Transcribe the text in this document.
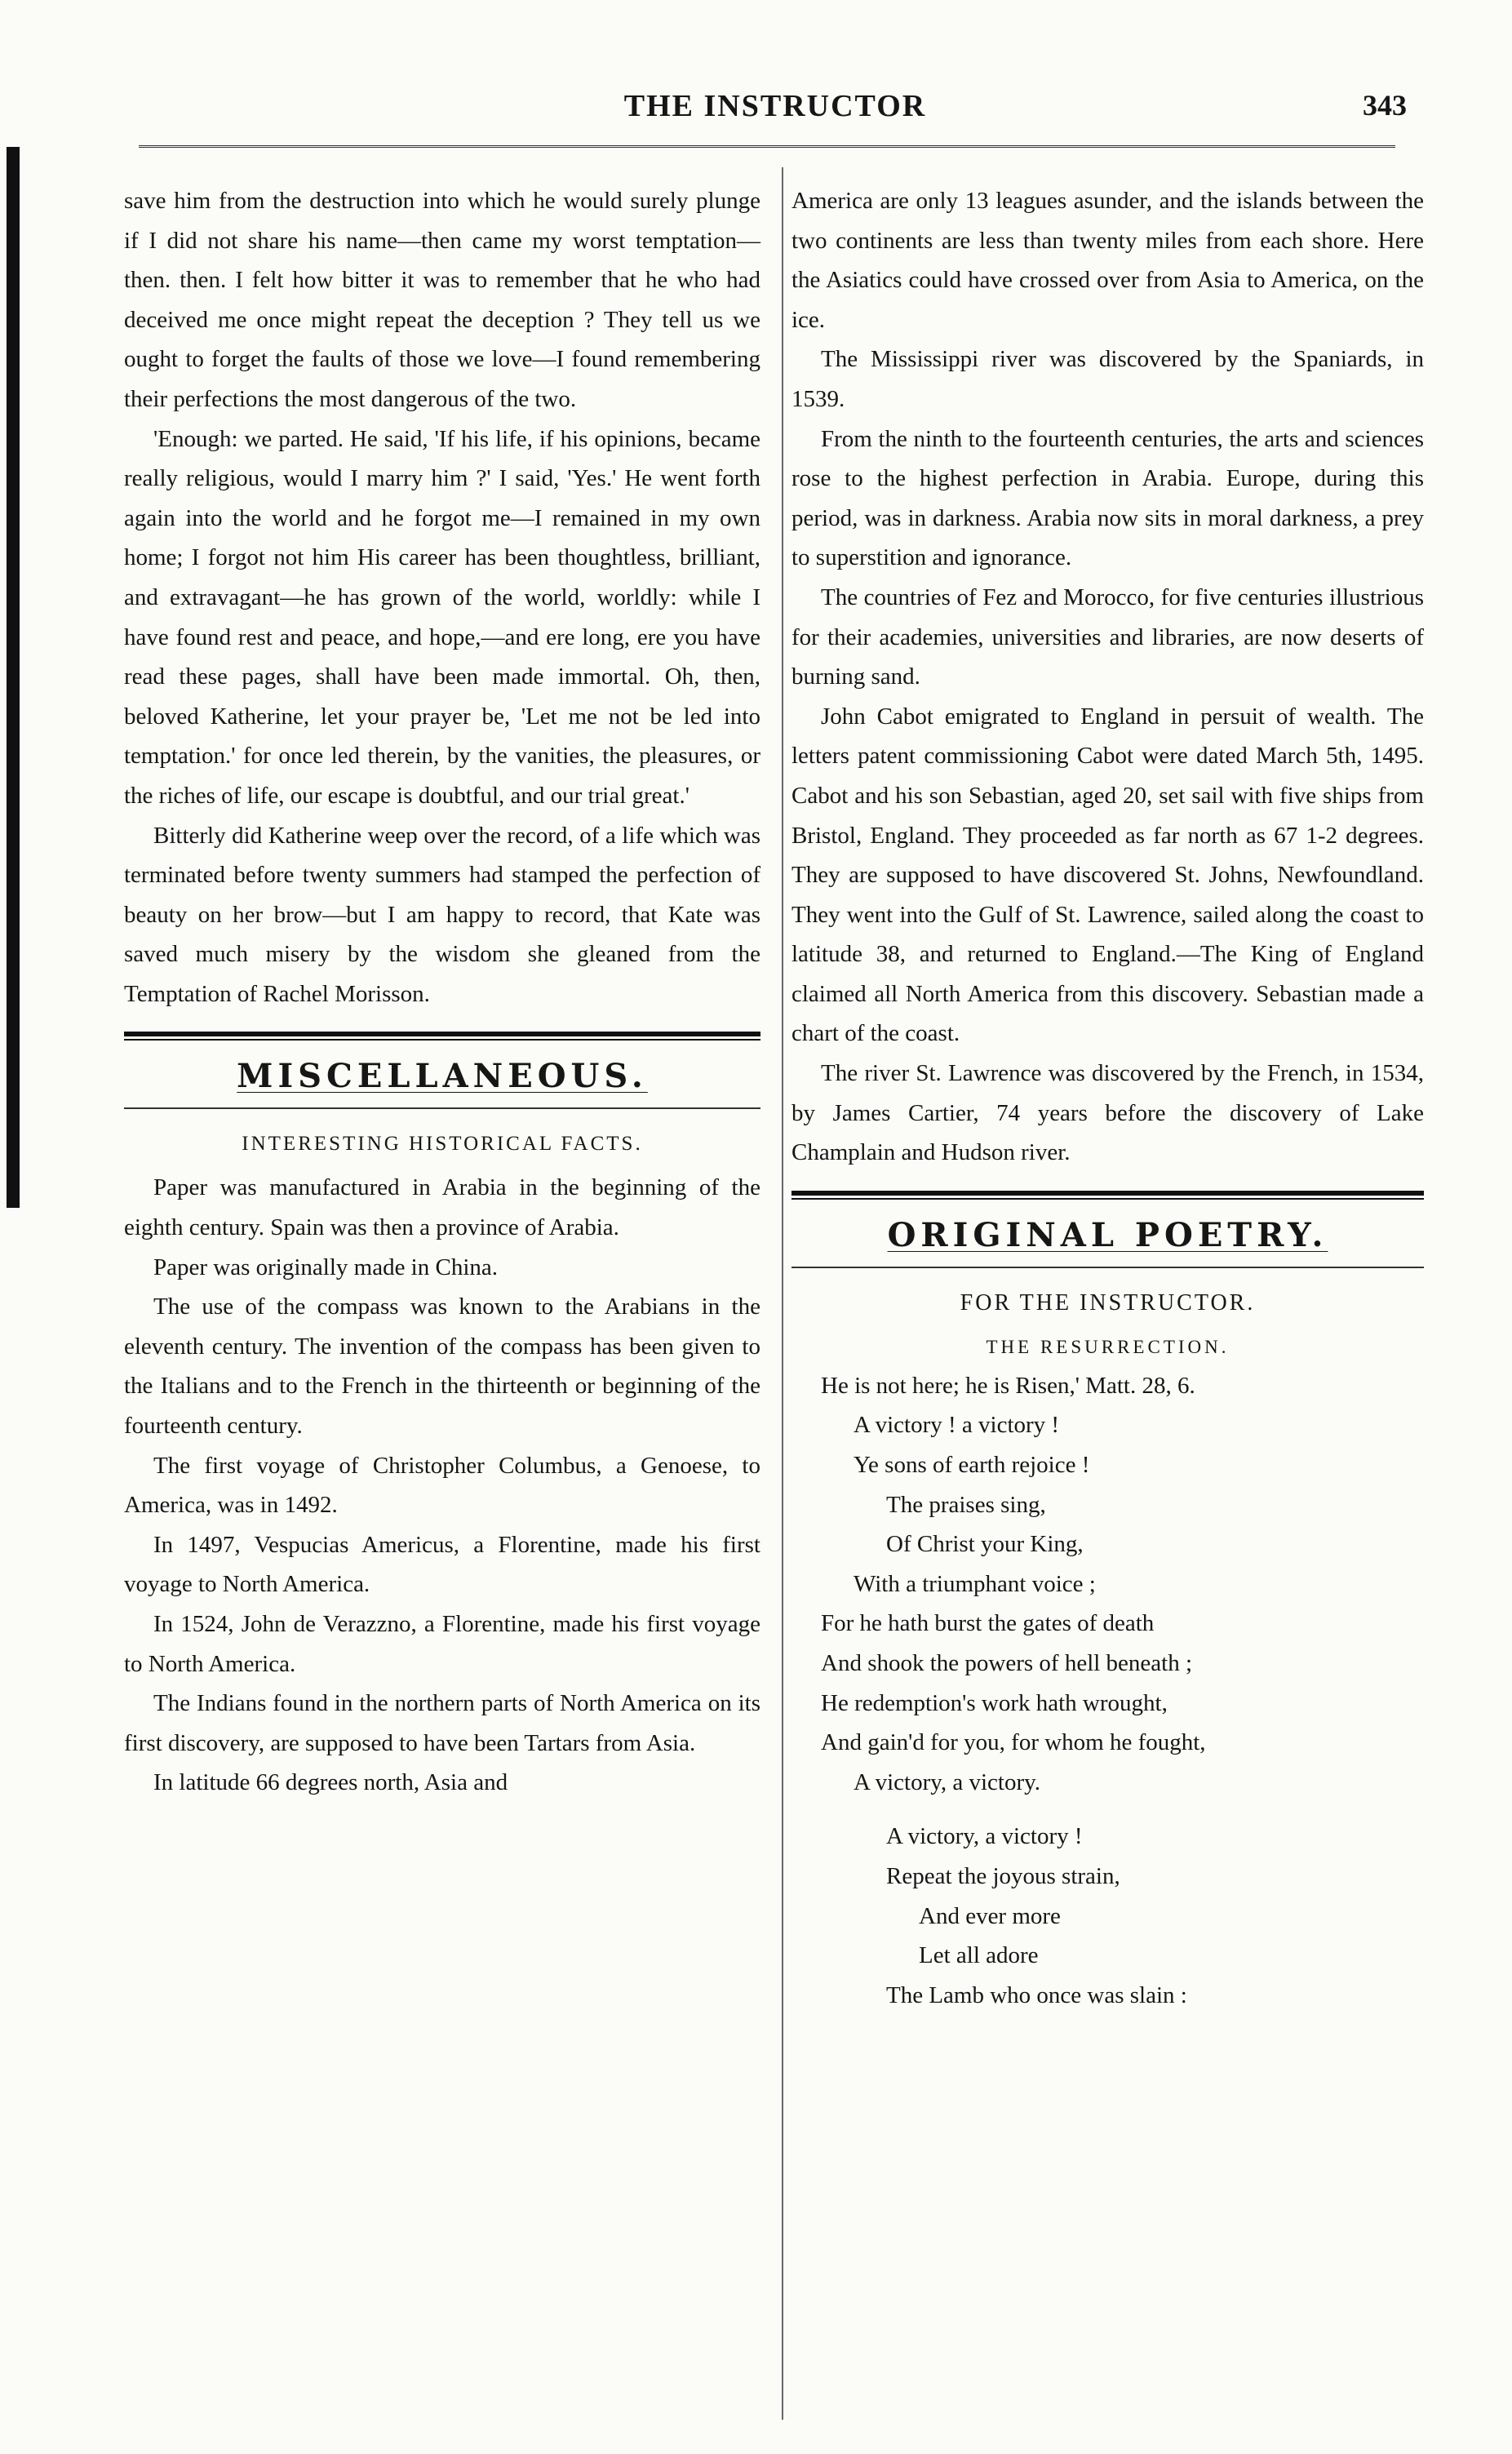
THE INSTRUCTOR	343

save him from the destruction into which he would surely plunge if I did not share his name—then came my worst temptation—then. then. I felt how bitter it was to remember that he who had deceived me once might repeat the deception ? They tell us we ought to forget the faults of those we love—I found remembering their perfections the most dangerous of the two.

'Enough: we parted. He said, 'If his life, if his opinions, became really religious, would I marry him ?' I said, 'Yes.' He went forth again into the world and he forgot me—I remained in my own home; I forgot not him His career has been thoughtless, brilliant, and extravagant—he has grown of the world, worldly: while I have found rest and peace, and hope,—and ere long, ere you have read these pages, shall have been made immortal. Oh, then, beloved Katherine, let your prayer be, 'Let me not be led into temptation.' for once led therein, by the vanities, the pleasures, or the riches of life, our escape is doubtful, and our trial great.'

Bitterly did Katherine weep over the record, of a life which was terminated before twenty summers had stamped the perfection of beauty on her brow—but I am happy to record, that Kate was saved much misery by the wisdom she gleaned from the Temptation of Rachel Morisson.

MISCELLANEOUS.
INTERESTING HISTORICAL FACTS.

Paper was manufactured in Arabia in the beginning of the eighth century. Spain was then a province of Arabia.

Paper was originally made in China.

The use of the compass was known to the Arabians in the eleventh century. The invention of the compass has been given to the Italians and to the French in the thirteenth or beginning of the fourteenth century.

The first voyage of Christopher Columbus, a Genoese, to America, was in 1492.

In 1497, Vespucias Americus, a Florentine, made his first voyage to North America.

In 1524, John de Verazzno, a Florentine, made his first voyage to North America.

The Indians found in the northern parts of North America on its first discovery, are supposed to have been Tartars from Asia.

In latitude 66 degrees north, Asia and

America are only 13 leagues asunder, and the islands between the two continents are less than twenty miles from each shore. Here the Asiatics could have crossed over from Asia to America, on the ice.

The Mississippi river was discovered by the Spaniards, in 1539.

From the ninth to the fourteenth centuries, the arts and sciences rose to the highest perfection in Arabia. Europe, during this period, was in darkness. Arabia now sits in moral darkness, a prey to superstition and ignorance.

The countries of Fez and Morocco, for five centuries illustrious for their academies, universities and libraries, are now deserts of burning sand.

John Cabot emigrated to England in persuit of wealth. The letters patent commissioning Cabot were dated March 5th, 1495. Cabot and his son Sebastian, aged 20, set sail with five ships from Bristol, England. They proceeded as far north as 67 1-2 degrees. They are supposed to have discovered St. Johns, Newfoundland. They went into the Gulf of St. Lawrence, sailed along the coast to latitude 38, and returned to England.—The King of England claimed all North America from this discovery. Sebastian made a chart of the coast.

The river St. Lawrence was discovered by the French, in 1534, by James Cartier, 74 years before the discovery of Lake Champlain and Hudson river.

ORIGINAL POETRY.
FOR THE INSTRUCTOR.
THE RESURRECTION.

He is not here; he is Risen,' Matt. 28, 6.

A victory ! a victory !

Ye sons of earth rejoice !

The praises sing,

Of Christ your King,

With a triumphant voice ;

For he hath burst the gates of death

And shook the powers of hell beneath ;

He redemption's work hath wrought,

And gain'd for you, for whom he fought,

A victory, a victory.

A victory, a victory !

Repeat the joyous strain,

And ever more

Let all adore

The Lamb who once was slain :
